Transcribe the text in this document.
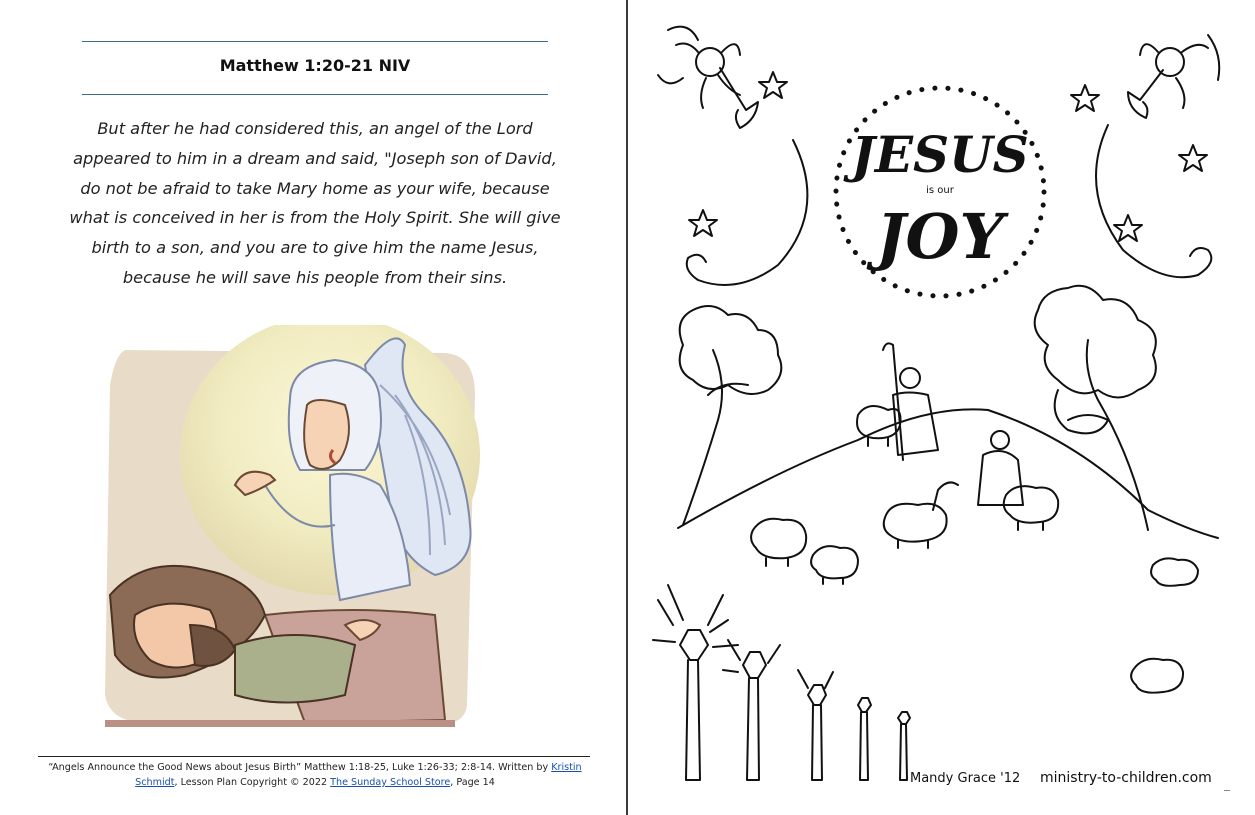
Matthew 1:20-21 NIV

But after he had considered this, an angel of the Lord
appeared to him in a dream and said, "Joseph son of David,
do not be afraid to take Mary home as your wife, because
what is conceived in her is from the Holy Spirit. She will give
birth to a son, and you are to give him the name Jesus,
because he will save his people from their sins.

“Angels Announce the Good News about Jesus Birth” Matthew 1:18-25, Luke 1:26-33; 2:8-14. Written by Kristin
Schmidt, Lesson Plan Copyright © 2022 The Sunday School Store, Page 14
JESUS
is our
JOY
Mandy Grace '12 ministry-to-children.com
